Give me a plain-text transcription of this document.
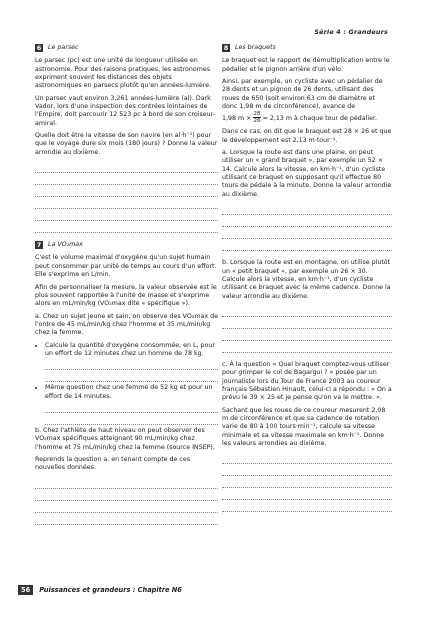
Série 4 : Grandeurs
6 Le parsec

Le parsec (pc) est une unité de longueur utilisée en astronomie. Pour des raisons pratiques, les astronomes expriment souvent les distances des objets astronomiques en parsecs plutôt qu'en années-lumière.

Un parsec vaut environ 3,261 années-lumière (al). Dark Vador, lors d'une inspection des contrées lointaines de l'Empire, doit parcourir 12 523 pc à bord de son croiseur-amiral.

Quelle doit être la vitesse de son navire (en al·h⁻¹) pour que le voyage dure six mois (180 jours) ? Donne la valeur arrondie au dixième.

7 La VO₂max

C'est le volume maximal d'oxygène qu'un sujet humain peut consommer par unité de temps au cours d'un effort. Elle s'exprime en L/min.

Afin de personnaliser la mesure, la valeur observée est le plus souvent rapportée à l'unité de masse et s'exprime alors en mL/min/kg (VO₂max dite « spécifique »).

a. Chez un sujet jeune et sain, on observe des VO₂max de l'ordre de 45 mL/min/kg chez l'homme et 35 mL/min/kg chez la femme.

• Calcule la quantité d'oxygène consommée, en L, pour un effort de 12 minutes chez un homme de 78 kg.
• Même question chez une femme de 52 kg et pour un effort de 14 minutes.

b. Chez l'athlète de haut niveau on peut observer des VO₂max spécifiques atteignant 90 mL/min/kg chez l'homme et 75 mL/min/kg chez la femme (source INSEP).

Reprends la question a. en tenant compte de ces nouvelles données.

8 Les braquets

Le braquet est le rapport de démultiplication entre le pédalier et le pignon arrière d'un vélo.

Ainsi, par exemple, un cycliste avec un pédalier de 28 dents et un pignon de 26 dents, utilisant des roues de 650 (soit environ 63 cm de diamètre et donc 1,98 m de circonférence), avance de
1,98 $m \times \frac{28}{26} \approx 2,13$ m à chaque tour de pédalier.

Dans ce cas, on dit que le braquet est 28 × 26 et que le développement est 2,13 m·tour⁻¹.

a. Lorsque la route est dans une plaine, on peut utiliser un « grand braquet », par exemple un 52 × 14. Calcule alors la vitesse, en km·h⁻¹, d'un cycliste utilisant ce braquet en supposant qu'il effectue 80 tours de pédale à la minute. Donne la valeur arrondie au dixième.

b. Lorsque la route est en montagne, on utilise plutôt un « petit braquet », par exemple un 26 × 30. Calcule alors la vitesse, en km·h⁻¹, d'un cycliste utilisant ce braquet avec la même cadence. Donne la valeur arrondie au dixième.

c. À la question « Quel braquet comptez-vous utiliser pour grimper le col de Bagargui ? » posée par un journaliste lors du Tour de France 2003 au coureur français Sébastien Hinault, celui-ci a répondu : « On a prévu le 39 × 25 et je pense qu'on va le mettre. ».

Sachant que les roues de ce coureur mesurent 2,08 m de circonférence et que sa cadence de rotation varie de 80 à 100 tours·min⁻¹, calcule sa vitesse minimale et sa vitesse maximale en km·h⁻¹. Donne les valeurs arrondies au dixième.

56	Puissances et grandeurs : Chapitre N6
